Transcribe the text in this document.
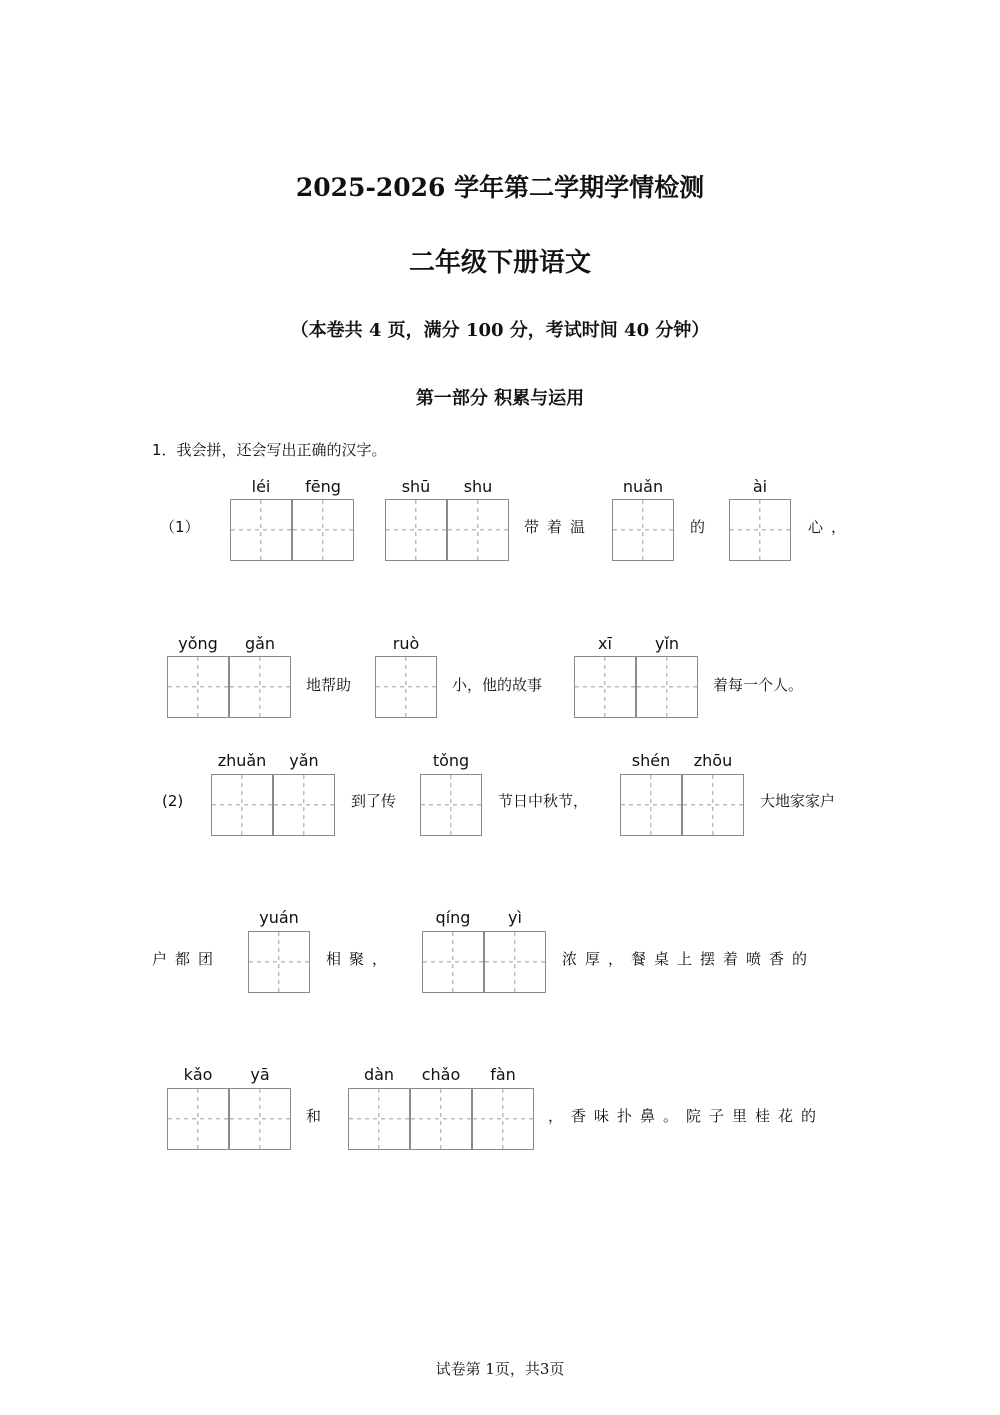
2025-2026 学年第二学期学情检测
二年级下册语文
（本卷共 4 页，满分 100 分，考试时间 40 分钟）
第一部分 积累与运用
1．我会拼，还会写出正确的汉字。
（1）
léi	fēng	shū	shu
带着温
nuǎn
的
ài
心，
yǒng	gǎn
地帮助
ruò
小，他的故事
xī	yǐn
着每一个人。
(2)
zhuǎn	yǎn
到了传
tǒng
节日中秋节，
shén	zhōu
大地家家户
户都团
yuán
相聚，
qíng	yì
浓厚，餐桌上摆着喷香的
kǎo	yā
和
dàn	chǎo	fàn
，香味扑鼻。院子里桂花的
试卷第 1页，共3页
